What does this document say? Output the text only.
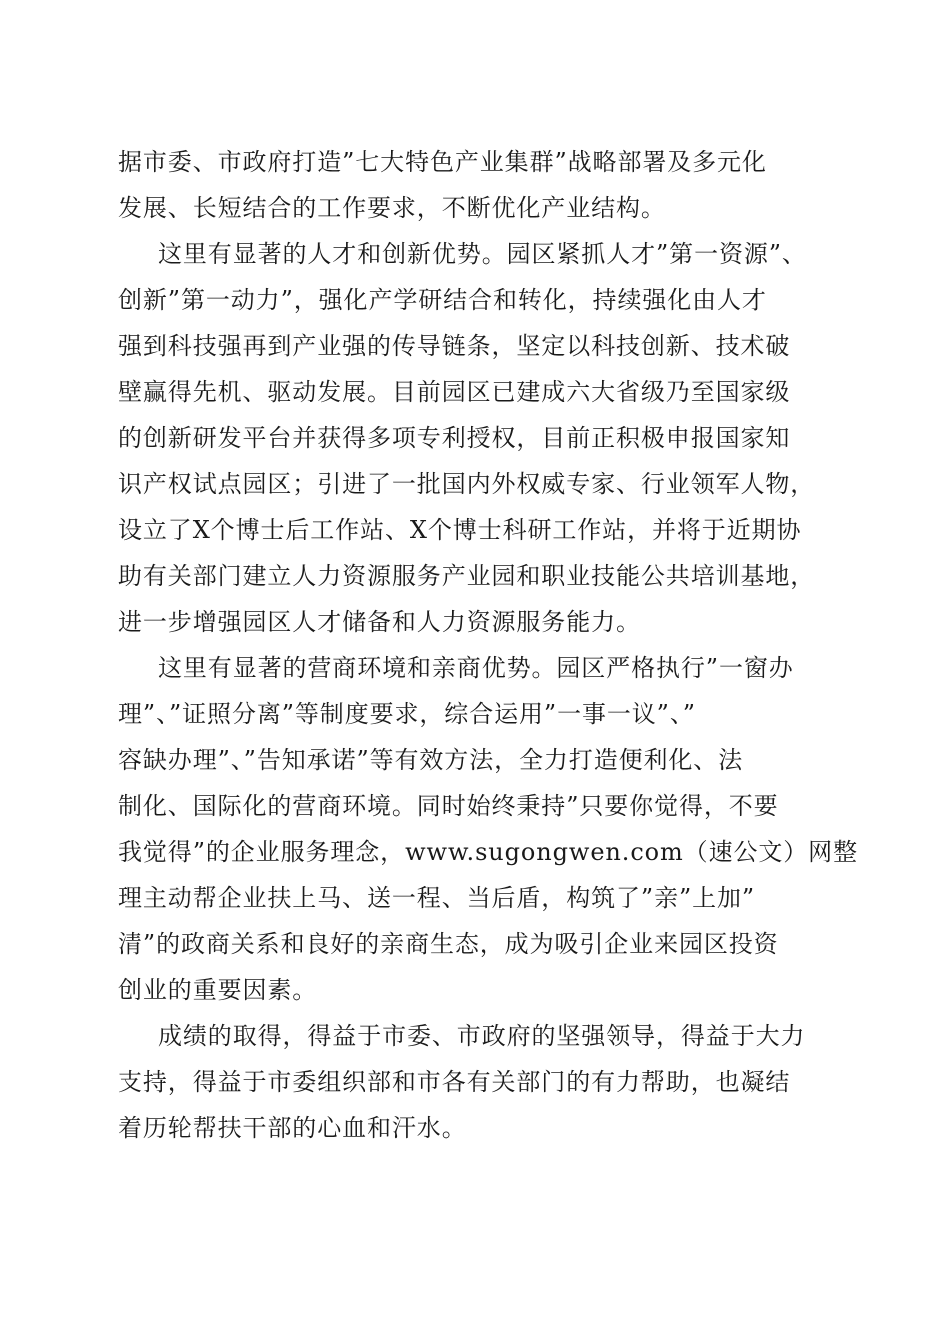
据市委、市政府打造”七大特色产业集群”战略部署及多元化
发展、长短结合的工作要求，不断优化产业结构。
这里有显著的人才和创新优势。园区紧抓人才”第一资源”、
创新”第一动力”，强化产学研结合和转化，持续强化由人才
强到科技强再到产业强的传导链条，坚定以科技创新、技术破
壁赢得先机、驱动发展。目前园区已建成六大省级乃至国家级
的创新研发平台并获得多项专利授权，目前正积极申报国家知
识产权试点园区；引进了一批国内外权威专家、行业领军人物，
设立了X个博士后工作站、X个博士科研工作站，并将于近期协
助有关部门建立人力资源服务产业园和职业技能公共培训基地，
进一步增强园区人才储备和人力资源服务能力。
这里有显著的营商环境和亲商优势。园区严格执行”一窗办
理”、”证照分离”等制度要求，综合运用”一事一议”、”
容缺办理”、”告知承诺”等有效方法，全力打造便利化、法
制化、国际化的营商环境。同时始终秉持”只要你觉得，不要
我觉得”的企业服务理念，www.sugongwen.com（速公文）网整
理主动帮企业扶上马、送一程、当后盾，构筑了”亲”上加”
清”的政商关系和良好的亲商生态，成为吸引企业来园区投资
创业的重要因素。
成绩的取得，得益于市委、市政府的坚强领导，得益于大力
支持，得益于市委组织部和市各有关部门的有力帮助，也凝结
着历轮帮扶干部的心血和汗水。
